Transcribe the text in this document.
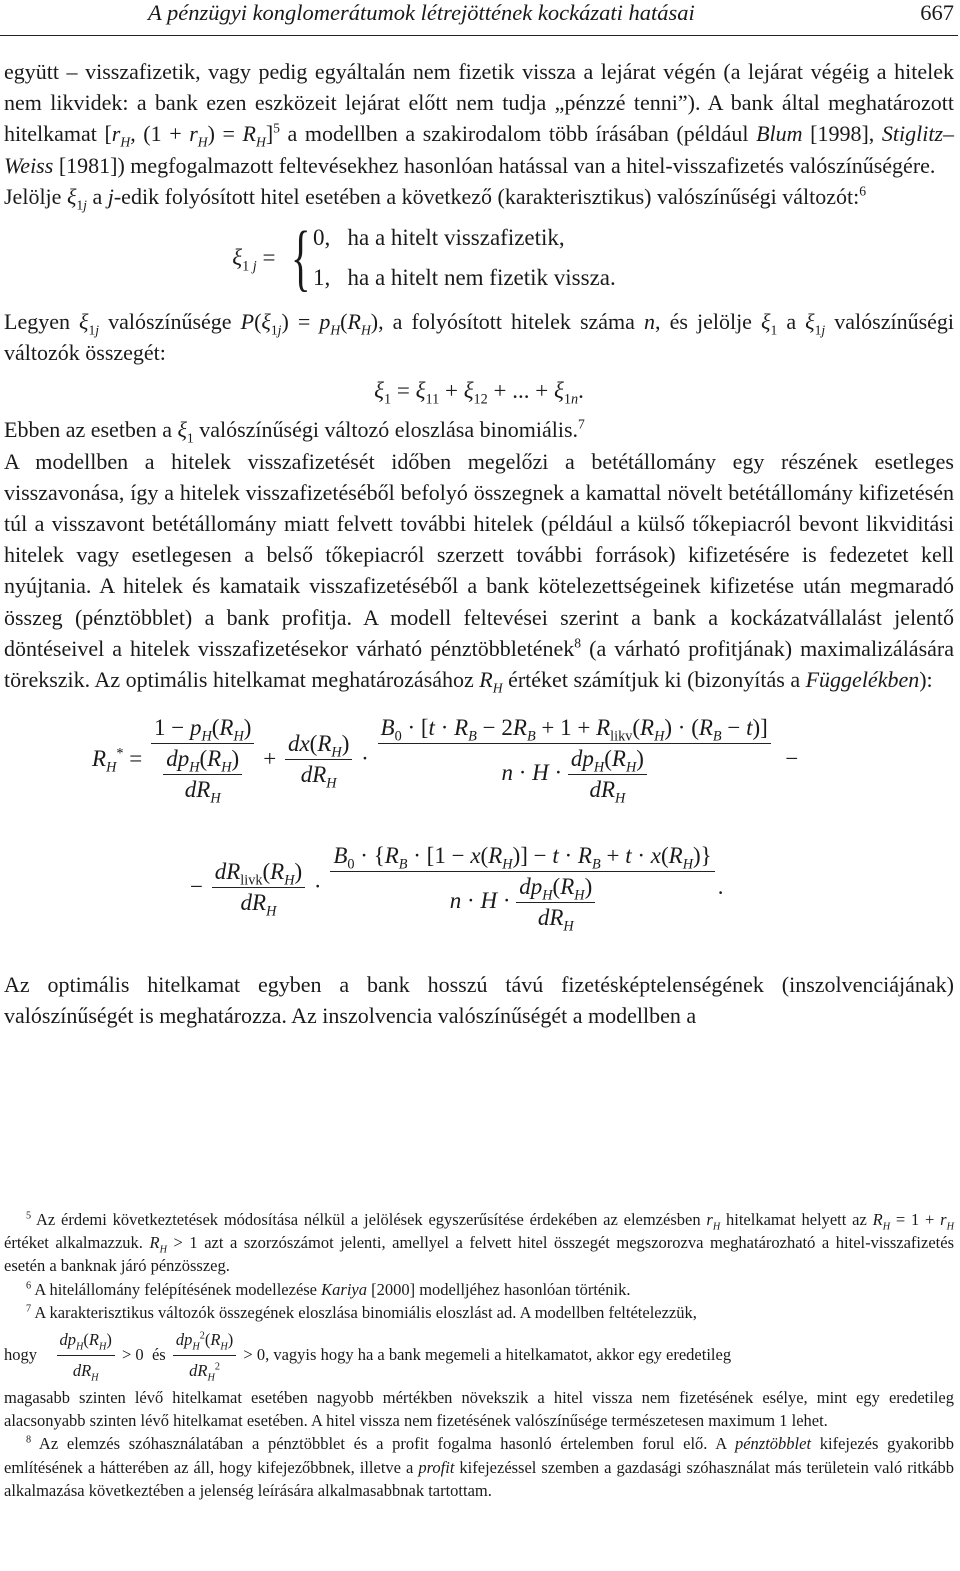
A pénzügyi konglomerátumok létrejöttének kockázati hatásai	667

együtt – visszafizetik, vagy pedig egyáltalán nem fizetik vissza a lejárat végén (a lejárat végéig a hitelek nem likvidek: a bank ezen eszközeit lejárat előtt nem tudja „pénzzé tenni”). A bank által meghatározott hitelkamat [$r_H$, $(1 + r_H) = R_H]^5$ a modellben a szakirodalom több írásában (például Blum [1998], Stiglitz–Weiss [1981]) megfogalmazott feltevésekhez hasonlóan hatással van a hitel-visszafizetés valószínűségére.

Jelölje $\xi_{1j}$ a j-edik folyósított hitel esetében a következő (karakterisztikus) valószínűségi változót:$^6$

$\xi_{1 j}$ = { 0,   ha a hitelt visszafizetik,
1,   ha a hitelt nem fizetik vissza.

Legyen $\xi_{1j}$ valószínűsége $P(\xi_{1j}) = p_H(R_H)$, a folyósított hitelek száma n, és jelölje $\xi_1$ a $\xi_{1j}$ valószínűségi változók összegét:

$\xi_1 = \xi_{11} + \xi_{12}$ + ... + $\xi_{1n}$.

Ebben az esetben a $\xi_1$ valószínűségi változó eloszlása binomiális.$^7$

A modellben a hitelek visszafizetését időben megelőzi a betétállomány egy részének esetleges visszavonása, így a hitelek visszafizetéséből befolyó összegnek a kamattal növelt betétállomány kifizetésén túl a visszavont betétállomány miatt felvett további hitelek (például a külső tőkepiacról bevont likviditási hitelek vagy esetlegesen a belső tőkepiacról szerzett további források) kifizetésére is fedezetet kell nyújtania. A hitelek és kamataik visszafizetéséből a bank kötelezettségeinek kifizetése után megmaradó összeg (pénztöbblet) a bank profitja. A modell feltevései szerint a bank a kockázatvállalást jelentő döntéseivel a hitelek visszafizetésekor várható pénztöbbletének$^8$ (a várható profitjának) maximalizálására törekszik. Az optimális hitelkamat meghatározásához $R_H$ értéket számítjuk ki (bizonyítás a Függelékben):

$R_H^* = \frac{1 - p_H(R_H)}{\frac{dp_H(R_H)}{dR_H}} + \frac{dx(R_H)}{dR_H} \cdot \frac{B_0 \cdot [t \cdot R_B - 2R_B + 1 + R_{likv}(R_H) \cdot (R_B - t)]}{n \cdot H \cdot \frac{dp_H(R_H)}{dR_H}}$ −
− $\frac{dR_{livk}(R_H)}{dR_H} \cdot \frac{B_0 \cdot \{R_B \cdot [1 - x(R_H)] - t \cdot R_B + t \cdot x(R_H)\}}{n \cdot H \cdot \frac{dp_H(R_H)}{dR_H}}$ .

Az optimális hitelkamat egyben a bank hosszú távú fizetésképtelenségének (inszolvenciájának) valószínűségét is meghatározza. Az inszolvencia valószínűségét a modellben a

$^5$ Az érdemi következtetések módosítása nélkül a jelölések egyszerűsítése érdekében az elemzésben $r_H$ hitelkamat helyett az $R_H = 1 + r_H$ értéket alkalmazzuk. $R_H > 1$ azt a szorzószámot jelenti, amellyel a felvett hitel összegét megszorozva meghatározható a hitel-visszafizetés esetén a banknak járó pénzösszeg.

$^6$ A hitelállomány felépítésének modellezése Kariya [2000] modelljéhez hasonlóan történik.

$^7$ A karakterisztikus változók összegének eloszlása binomiális eloszlást ad. A modellben feltételezzük,

hogy
$\frac{dp_H(R_H)}{dR_H} > 0$ és
$\frac{dp_H^2(R_H)}{dR_H^2} > 0$ , vagyis hogy ha a bank megemeli a hitelkamatot, akkor egy eredetileg

magasabb szinten lévő hitelkamat esetében nagyobb mértékben növekszik a hitel vissza nem fizetésének esélye, mint egy eredetileg alacsonyabb szinten lévő hitelkamat esetében. A hitel vissza nem fizetésének valószínűsége természetesen maximum 1 lehet.

$^8$ Az elemzés szóhasználatában a pénztöbblet és a profit fogalma hasonló értelemben forul elő. A pénztöbblet kifejezés gyakoribb említésének a hátterében az áll, hogy kifejezőbbnek, illetve a profit kifejezéssel szemben a gazdasági szóhasználat más területein való ritkább alkalmazása következtében a jelenség leírására alkalmasabbnak tartottam.
